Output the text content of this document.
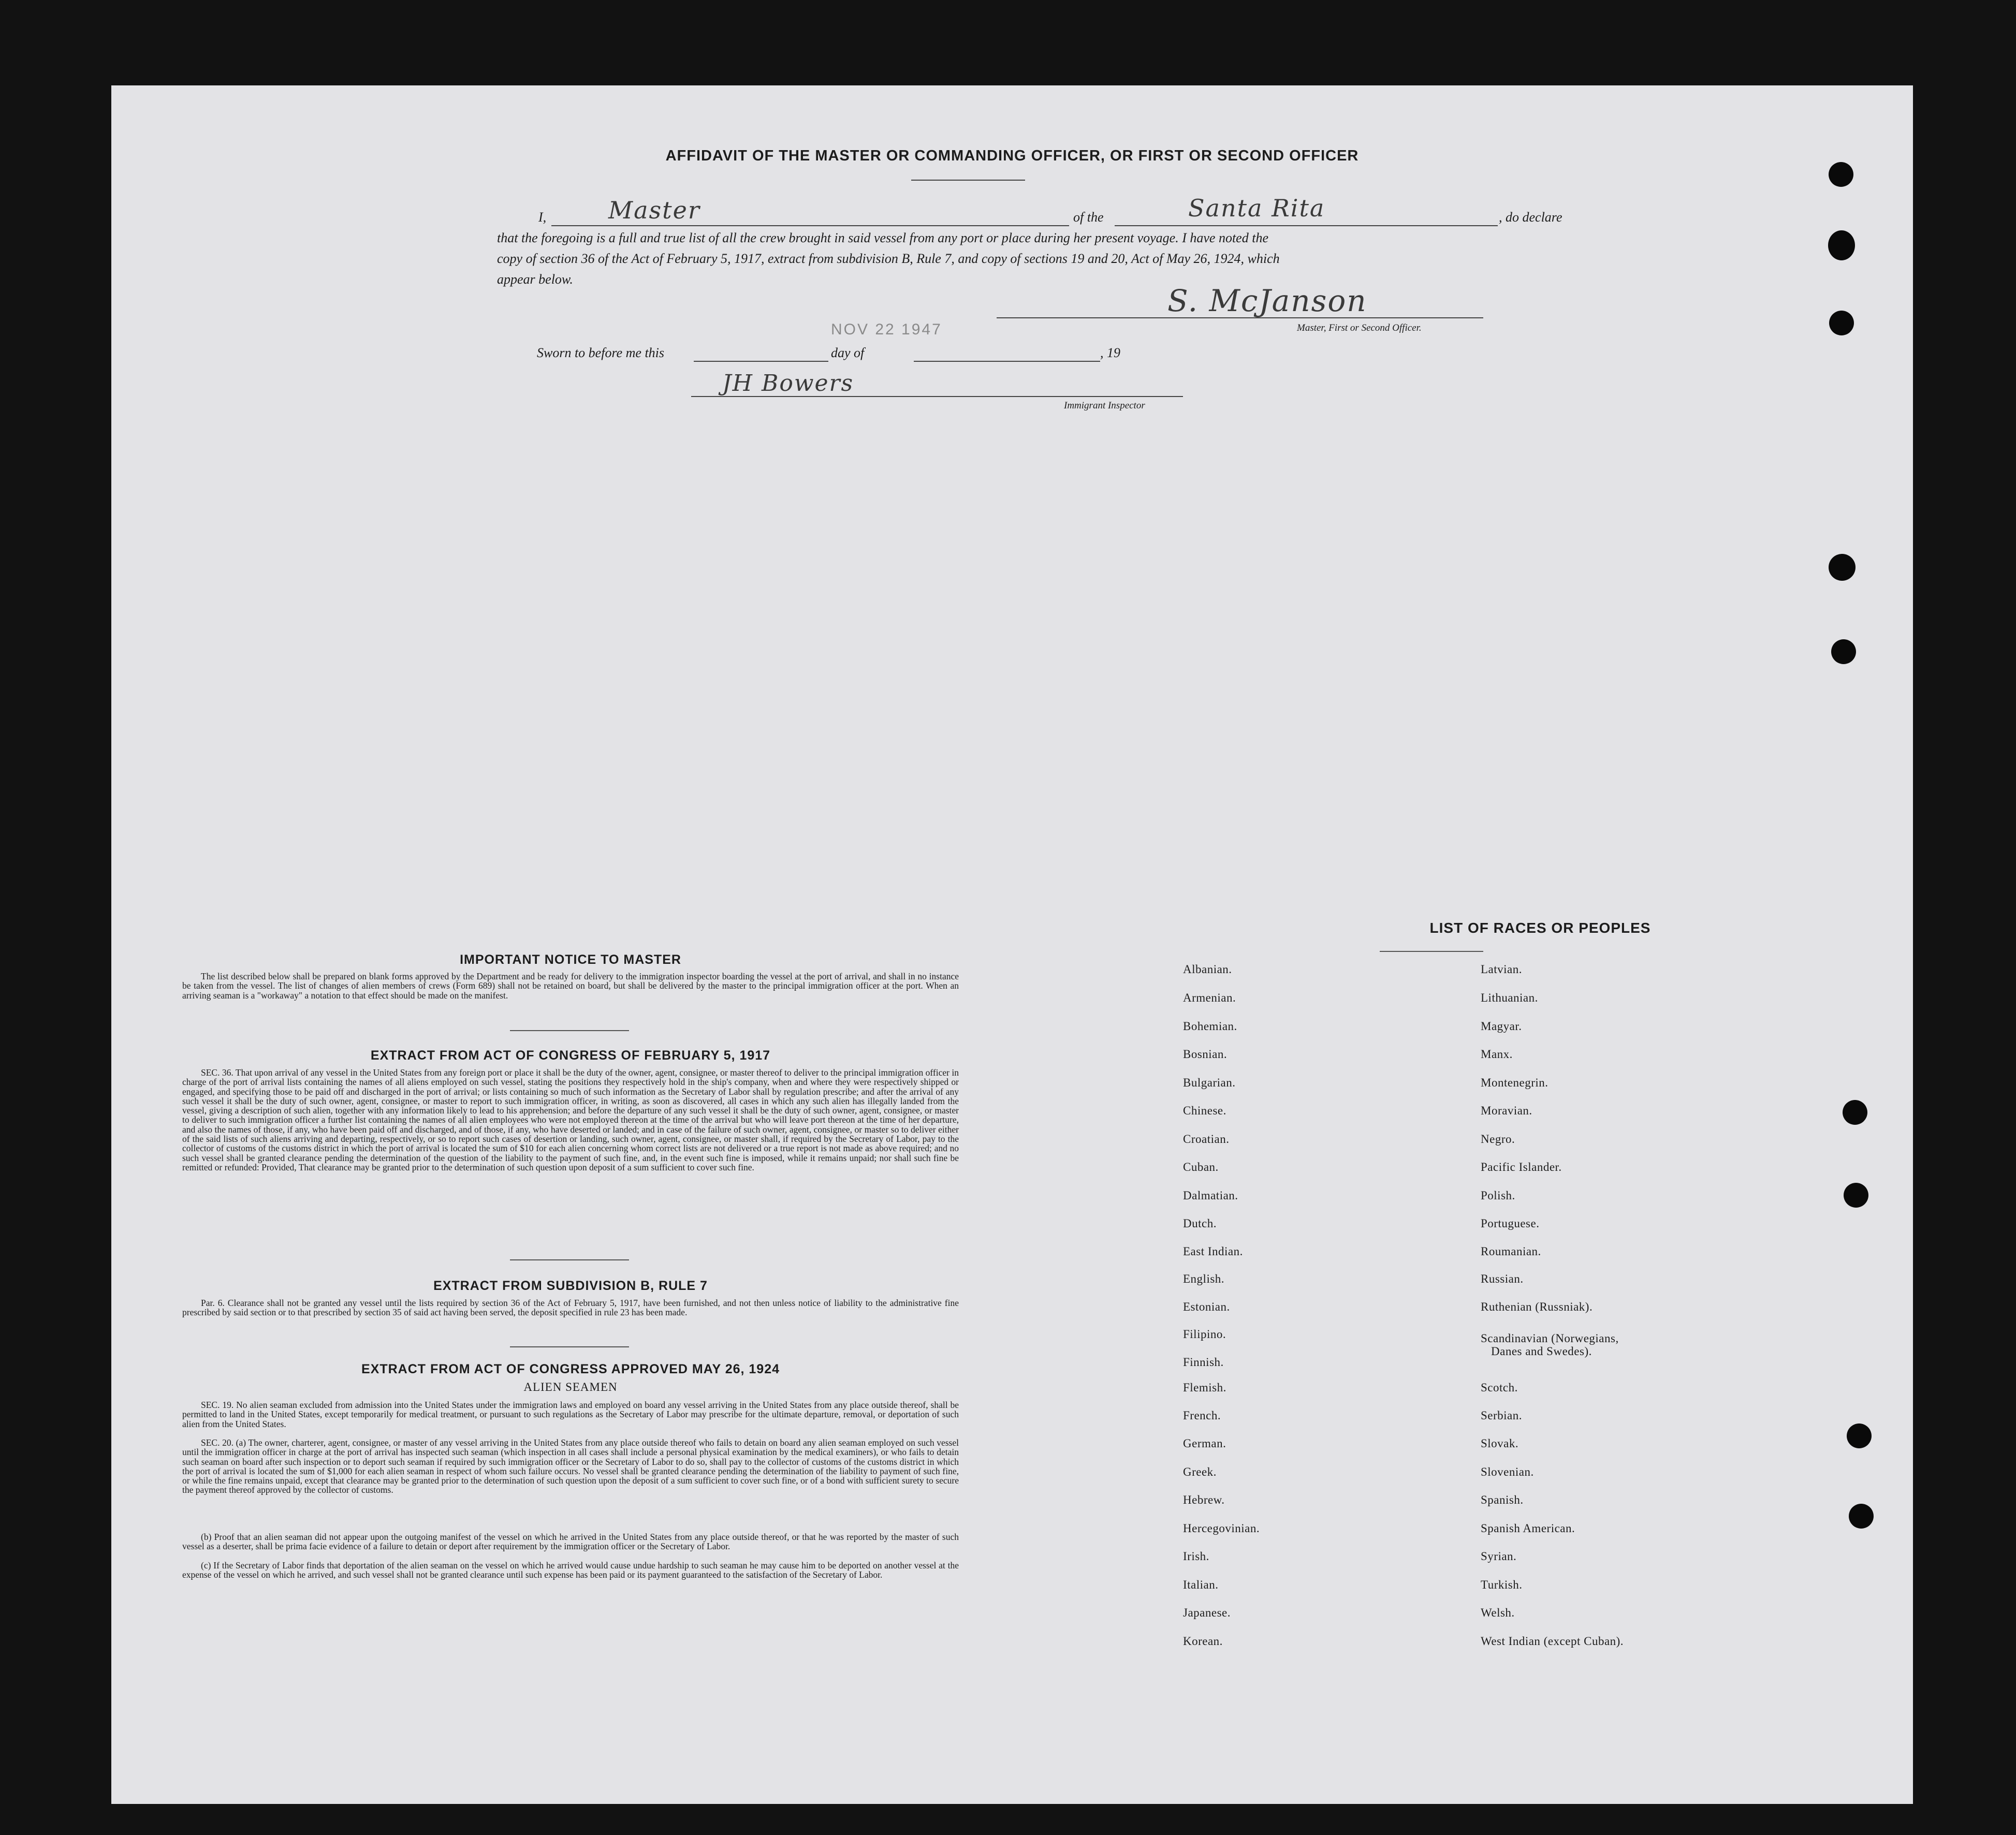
AFFIDAVIT OF THE MASTER OR COMMANDING OFFICER, OR FIRST OR SECOND OFFICER
I,	Master	of the	Santa Rita	, do declare
that the foregoing is a full and true list of all the crew brought in said vessel from any port or place during her present voyage. I have noted the
copy of section 36 of the Act of February 5, 1917, extract from subdivision B, Rule 7, and copy of sections 19 and 20, Act of May 26, 1924, which
appear below.
NOV 22 1947
S. McJanson
Master, First or Second Officer.
Sworn to before me this	day of	, 19
JH Bowers
Immigrant Inspector
IMPORTANT NOTICE TO MASTER
The list described below shall be prepared on blank forms approved by the Department and be ready for delivery to the immigration inspector boarding the vessel at the port of arrival, and shall in no instance be taken from the vessel. The list of changes of alien members of crews (Form 689) shall not be retained on board, but shall be delivered by the master to the principal immigration officer at the port. When an arriving seaman is a "workaway" a notation to that effect should be made on the manifest.
EXTRACT FROM ACT OF CONGRESS OF FEBRUARY 5, 1917
SEC. 36. That upon arrival of any vessel in the United States from any foreign port or place it shall be the duty of the owner, agent, consignee, or master thereof to deliver to the principal immigration officer in charge of the port of arrival lists containing the names of all aliens employed on such vessel, stating the positions they respectively hold in the ship's company, when and where they were respectively shipped or engaged, and specifying those to be paid off and discharged in the port of arrival; or lists containing so much of such information as the Secretary of Labor shall by regulation prescribe; and after the arrival of any such vessel it shall be the duty of such owner, agent, consignee, or master to report to such immigration officer, in writing, as soon as discovered, all cases in which any such alien has illegally landed from the vessel, giving a description of such alien, together with any information likely to lead to his apprehension; and before the departure of any such vessel it shall be the duty of such owner, agent, consignee, or master to deliver to such immigration officer a further list containing the names of all alien employees who were not employed thereon at the time of the arrival but who will leave port thereon at the time of her departure, and also the names of those, if any, who have been paid off and discharged, and of those, if any, who have deserted or landed; and in case of the failure of such owner, agent, consignee, or master so to deliver either of the said lists of such aliens arriving and departing, respectively, or so to report such cases of desertion or landing, such owner, agent, consignee, or master shall, if required by the Secretary of Labor, pay to the collector of customs of the customs district in which the port of arrival is located the sum of $10 for each alien concerning whom correct lists are not delivered or a true report is not made as above required; and no such vessel shall be granted clearance pending the determination of the question of the liability to the payment of such fine, and, in the event such fine is imposed, while it remains unpaid; nor shall such fine be remitted or refunded: Provided, That clearance may be granted prior to the determination of such question upon deposit of a sum sufficient to cover such fine.
EXTRACT FROM SUBDIVISION B, RULE 7
Par. 6. Clearance shall not be granted any vessel until the lists required by section 36 of the Act of February 5, 1917, have been furnished, and not then unless notice of liability to the administrative fine prescribed by said section or to that prescribed by section 35 of said act having been served, the deposit specified in rule 23 has been made.
EXTRACT FROM ACT OF CONGRESS APPROVED MAY 26, 1924
ALIEN SEAMEN
SEC. 19. No alien seaman excluded from admission into the United States under the immigration laws and employed on board any vessel arriving in the United States from any place outside thereof, shall be permitted to land in the United States, except temporarily for medical treatment, or pursuant to such regulations as the Secretary of Labor may prescribe for the ultimate departure, removal, or deportation of such alien from the United States.
SEC. 20. (a) The owner, charterer, agent, consignee, or master of any vessel arriving in the United States from any place outside thereof who fails to detain on board any alien seaman employed on such vessel until the immigration officer in charge at the port of arrival has inspected such seaman (which inspection in all cases shall include a personal physical examination by the medical examiners), or who fails to detain such seaman on board after such inspection or to deport such seaman if required by such immigration officer or the Secretary of Labor to do so, shall pay to the collector of customs of the customs district in which the port of arrival is located the sum of $1,000 for each alien seaman in respect of whom such failure occurs. No vessel shall be granted clearance pending the determination of the liability to payment of such fine, or while the fine remains unpaid, except that clearance may be granted prior to the determination of such question upon the deposit of a sum sufficient to cover such fine, or of a bond with sufficient surety to secure the payment thereof approved by the collector of customs.
(b) Proof that an alien seaman did not appear upon the outgoing manifest of the vessel on which he arrived in the United States from any place outside thereof, or that he was reported by the master of such vessel as a deserter, shall be prima facie evidence of a failure to detain or deport after requirement by the immigration officer or the Secretary of Labor.
(c) If the Secretary of Labor finds that deportation of the alien seaman on the vessel on which he arrived would cause undue hardship to such seaman he may cause him to be deported on another vessel at the expense of the vessel on which he arrived, and such vessel shall not be granted clearance until such expense has been paid or its payment guaranteed to the satisfaction of the Secretary of Labor.
LIST OF RACES OR PEOPLES
Albanian.
Armenian.
Bohemian.
Bosnian.
Bulgarian.
Chinese.
Croatian.
Cuban.
Dalmatian.
Dutch.
East Indian.
English.
Estonian.
Filipino.
Finnish.
Flemish.
French.
German.
Greek.
Hebrew.
Hercegovinian.
Irish.
Italian.
Japanese.
Korean.
Latvian.
Lithuanian.
Magyar.
Manx.
Montenegrin.
Moravian.
Negro.
Pacific Islander.
Polish.
Portuguese.
Roumanian.
Russian.
Ruthenian (Russniak).
Scandinavian (Norwegians,
Danes and Swedes).
Scotch.
Serbian.
Slovak.
Slovenian.
Spanish.
Spanish American.
Syrian.
Turkish.
Welsh.
West Indian (except Cuban).
